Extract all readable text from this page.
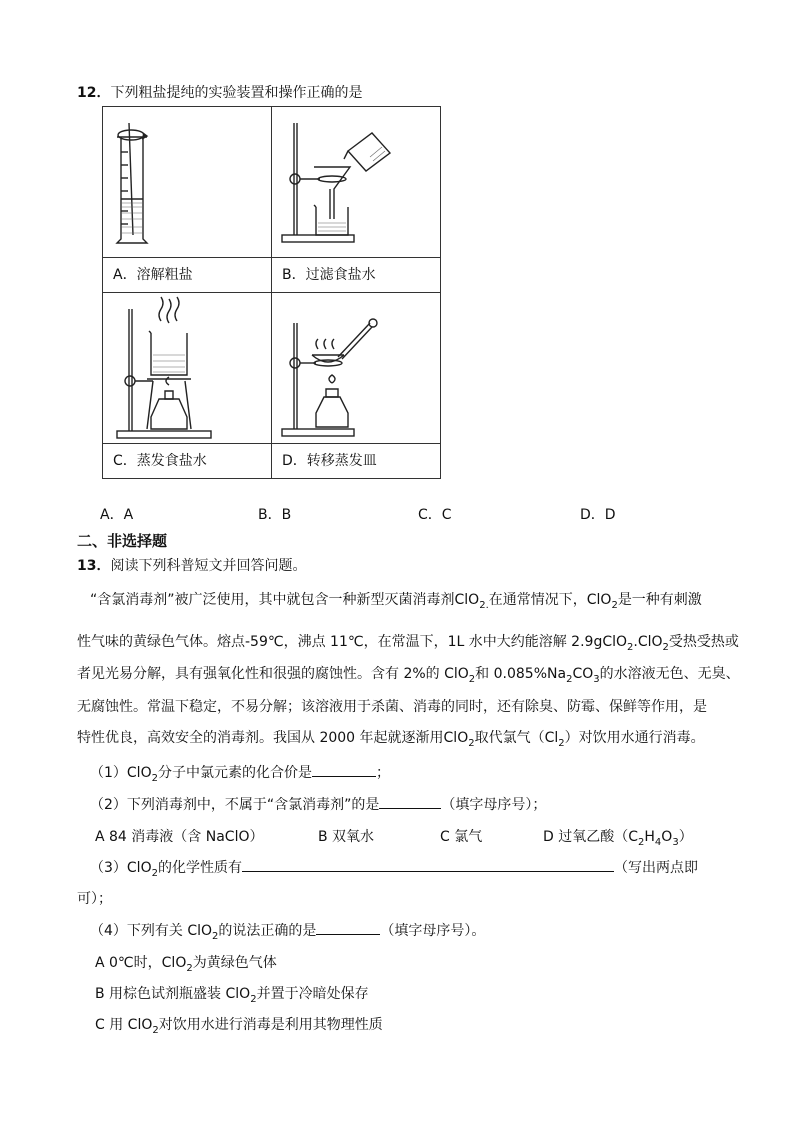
12．下列粗盐提纯的实验装置和操作正确的是
A．溶解粗盐	B．过滤食盐水

C．蒸发食盐水	D．转移蒸发皿
A．A	B．B	C．C	D．D
二、非选择题
13．阅读下列科普短文并回答问题。
“含氯消毒剂”被广泛使用，其中就包含一种新型灭菌消毒剂ClO$_{2.}$在通常情况下，ClO$_2$是一种有刺激
性气味的黄绿色气体。熔点-59℃，沸点 11℃，在常温下，1L 水中大约能溶解 2.9gClO$_2$.ClO$_2$受热受热或
者见光易分解，具有强氧化性和很强的腐蚀性。含有 2%的 ClO$_2$和 $0.085\%Na_2CO_3$的水溶液无色、无臭、
无腐蚀性。常温下稳定，不易分解；该溶液用于杀菌、消毒的同时，还有除臭、防霉、保鲜等作用，是
特性优良，高效安全的消毒剂。我国从 2000 年起就逐渐用ClO$_2$取代氯气$(Cl_2)$对饮用水通行消毒。
（1）ClO$_2$分子中氯元素的化合价是	；
（2）下列消毒剂中，不属于“含氯消毒剂”的是	（填字母序号）；
A 84 消毒液（含 NaClO）	B 双氧水	C 氯气	D 过氧乙酸$(C_2H_4O_3)$
（3）ClO$_2$的化学性质有	（写出两点即
可）；
（4）下列有关 ClO$_2$的说法正确的是	（填字母序号）。
A 0℃时，ClO$_2$为黄绿色气体
B 用棕色试剂瓶盛装 ClO$_2$并置于冷暗处保存
C 用 ClO$_2$对饮用水进行消毒是利用其物理性质
